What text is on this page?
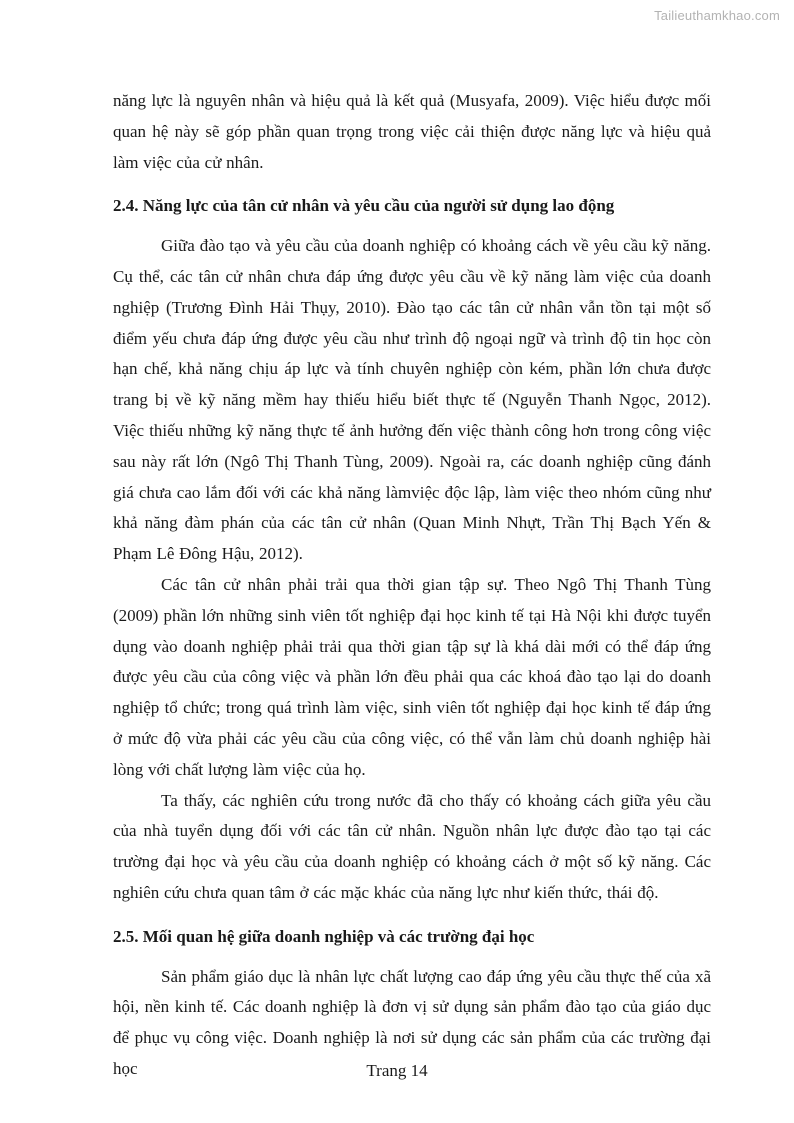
Tailieuthamkhao.com

năng lực là nguyên nhân và hiệu quả là kết quả (Musyafa, 2009). Việc hiểu được mối quan hệ này sẽ góp phần quan trọng trong việc cải thiện được năng lực và hiệu quả làm việc của cử nhân.

2.4. Năng lực của tân cử nhân và yêu cầu của người sử dụng lao động

Giữa đào tạo và yêu cầu của doanh nghiệp có khoảng cách về yêu cầu kỹ năng. Cụ thể, các tân cử nhân chưa đáp ứng được yêu cầu về kỹ năng làm việc của doanh nghiệp (Trương Đình Hải Thụy, 2010). Đào tạo các tân cử nhân vẫn tồn tại một số điểm yếu chưa đáp ứng được yêu cầu như trình độ ngoại ngữ và trình độ tin học còn hạn chế, khả năng chịu áp lực và tính chuyên nghiệp còn kém, phần lớn chưa được trang bị về kỹ năng mềm hay thiếu hiểu biết thực tế (Nguyễn Thanh Ngọc, 2012). Việc thiếu những kỹ năng thực tế ảnh hưởng đến việc thành công hơn trong công việc sau này rất lớn (Ngô Thị Thanh Tùng, 2009). Ngoài ra, các doanh nghiệp cũng đánh giá chưa cao lắm đối với các khả năng làmviệc độc lập, làm việc theo nhóm cũng như khả năng đàm phán của các tân cử nhân (Quan Minh Nhựt, Trần Thị Bạch Yến & Phạm Lê Đông Hậu, 2012).

Các tân cử nhân phải trải qua thời gian tập sự. Theo Ngô Thị Thanh Tùng (2009) phần lớn những sinh viên tốt nghiệp đại học kinh tế tại Hà Nội khi được tuyển dụng vào doanh nghiệp phải trải qua thời gian tập sự là khá dài mới có thể đáp ứng được yêu cầu của công việc và phần lớn đều phải qua các khoá đào tạo lại do doanh nghiệp tổ chức; trong quá trình làm việc, sinh viên tốt nghiệp đại học kinh tế đáp ứng ở mức độ vừa phải các yêu cầu của công việc, có thể vẫn làm chủ doanh nghiệp hài lòng với chất lượng làm việc của họ.

Ta thấy, các nghiên cứu trong nước đã cho thấy có khoảng cách giữa yêu cầu của nhà tuyển dụng đối với các tân cử nhân. Nguồn nhân lực được đào tạo tại các trường đại học và yêu cầu của doanh nghiệp có khoảng cách ở một số kỹ năng. Các nghiên cứu chưa quan tâm ở các mặc khác của năng lực như kiến thức, thái độ.

2.5. Mối quan hệ giữa doanh nghiệp và các trường đại học

Sản phẩm giáo dục là nhân lực chất lượng cao đáp ứng yêu cầu thực thế của xã hội, nền kinh tế. Các doanh nghiệp là đơn vị sử dụng sản phẩm đào tạo của giáo dục để phục vụ công việc. Doanh nghiệp là nơi sử dụng các sản phẩm của các trường đại học	Trang 14
